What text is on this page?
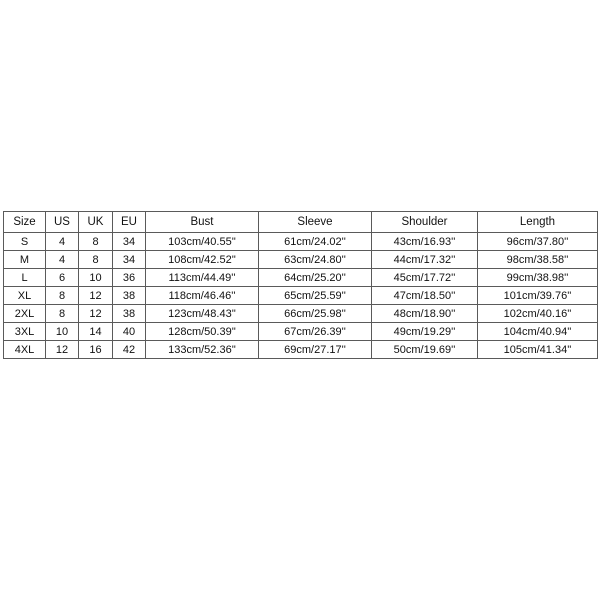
Size	US	UK	EU	Bust	Sleeve	Shoulder	Length
S	4	8	34	103cm/40.55''	61cm/24.02''	43cm/16.93''	96cm/37.80''
M	4	8	34	108cm/42.52''	63cm/24.80''	44cm/17.32''	98cm/38.58''
L	6	10	36	113cm/44.49''	64cm/25.20''	45cm/17.72''	99cm/38.98''
XL	8	12	38	118cm/46.46''	65cm/25.59''	47cm/18.50''	101cm/39.76''
2XL	8	12	38	123cm/48.43''	66cm/25.98''	48cm/18.90''	102cm/40.16''
3XL	10	14	40	128cm/50.39''	67cm/26.39''	49cm/19.29''	104cm/40.94''
4XL	12	16	42	133cm/52.36''	69cm/27.17''	50cm/19.69''	105cm/41.34''
